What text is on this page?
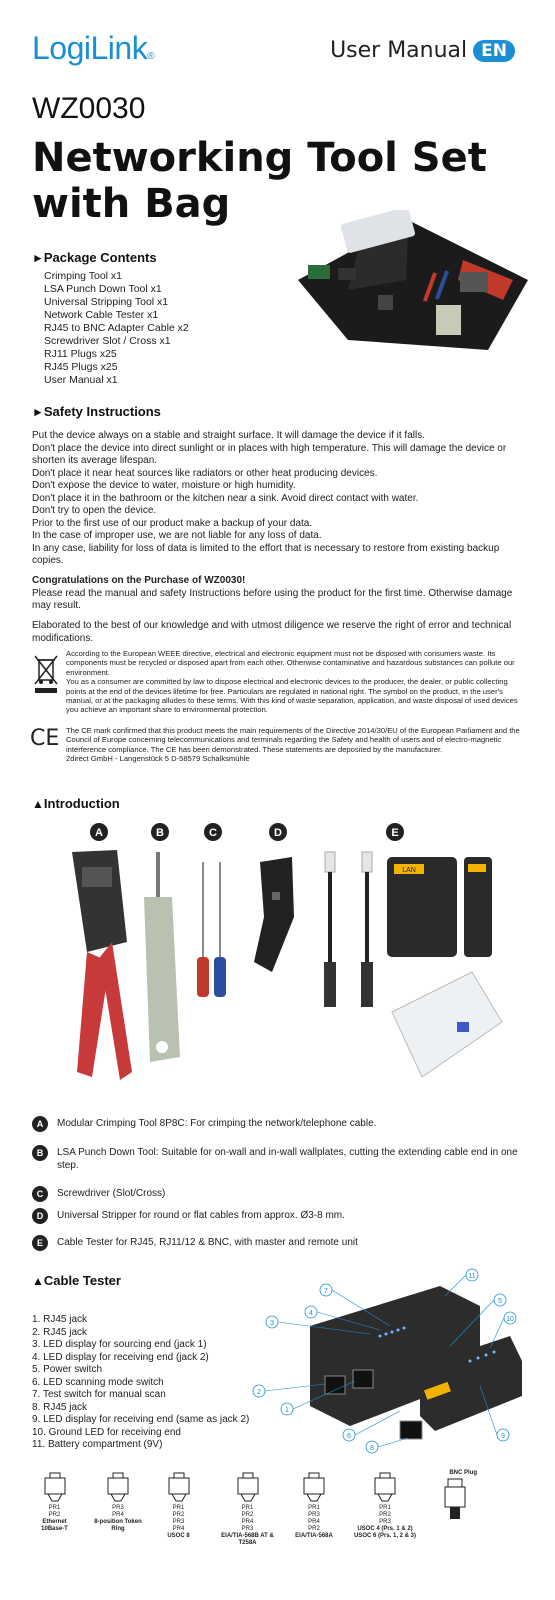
LogiLink®	User Manual EN
WZ0030
Networking Tool Set with Bag
►Package Contents
Crimping Tool x1
LSA Punch Down Tool x1
Universal Stripping Tool x1
Network Cable Tester x1
RJ45 to BNC Adapter Cable x2
Screwdriver Slot / Cross x1
RJ11 Plugs x25
RJ45 Plugs x25
User Manual x1
►Safety Instructions

Put the device always on a stable and straight surface. It will damage the device if it falls.

Don't place the device into direct sunlight or in places with high temperature. This will damage the device or shorten its average lifespan.

Don't place it near heat sources like radiators or other heat producing devices.

Don't expose the device to water, moisture or high humidity.

Don't place it in the bathroom or the kitchen near a sink. Avoid direct contact with water.

Don't try to open the device.

Prior to the first use of our product make a backup of your data.

In the case of improper use, we are not liable for any loss of data.

In any case, liability for loss of data is limited to the effort that is necessary to restore from existing backup copies.

Congratulations on the Purchase of WZ0030!

Please read the manual and safety Instructions before using the product for the first time. Otherwise damage may result.

Elaborated to the best of our knowledge and with utmost diligence we reserve the right of error and technical modifications.
According to the European WEEE directive, electrical and electronic equipment must not be disposed with consumers waste. Its components must be recycled or disposed apart from each other. Otherwise contaminative and hazardous substances can pollute our environment.
You as a consumer are committed by law to dispose electrical and electronic devices to the producer, the dealer, or public collecting points at the end of the devices lifetime for free. Particulars are regulated in national right. The symbol on the product, in the user's manual, or at the packaging alludes to these terms. With this kind of waste separation, application, and waste disposal of used devices you achieve an important share to environmental protection.
CE The CE mark confirmed that this product meets the main requirements of the Directive 2014/30/EU of the European Parliament and the Council of Europe concerning telecommunications and terminals regarding the Safety and health of users and of electro-magnetic interference compliance. The CE has been demonstrated. These statements are deposited by the manufacturer.
2direct GmbH - Langenstück 5 D-58579 Schalksmühle
▲Introduction
A	B	C	D	E
LAN
A	Modular Crimping Tool 8P8C: For crimping the network/telephone cable.
B	LSA Punch Down Tool: Suitable for on-wall and in-wall wallplates, cutting the extending cable end in one step.
C	Screwdriver (Slot/Cross)
D	Universal Stripper for round or flat cables from approx. Ø3-8 mm.
E	Cable Tester for RJ45, RJ11/12 & BNC, with master and remote unit
▲Cable Tester
1. RJ45 jack
2. RJ45 jack
3. LED display for sourcing end (jack 1)
4. LED display for receiving end (jack 2)
5. Power switch
6. LED scanning mode switch
7. Test switch for manual scan
8. RJ45 jack
9. LED display for receiving end (same as jack 2)
10. Ground LED for receiving end
11. Battery compartment (9V)
7
4
3
2
1
6
8
11
5
10
9
PR1
PR2
Ethernet 10Base-T
PR3
PR4
8-position Token Ring
PR1
PR2
PR3
PR4
USOC 8
PR1
PR2
PR4
PR3
EIA/TIA-568B AT & T258A
PR1
PR3
PR4
PR2
EIA/TIA-568A
PR1
PR2
PR3
USOC 4 (Prs. 1 & 2) USOC 6 (Prs. 1, 2 & 3)
BNC Plug
